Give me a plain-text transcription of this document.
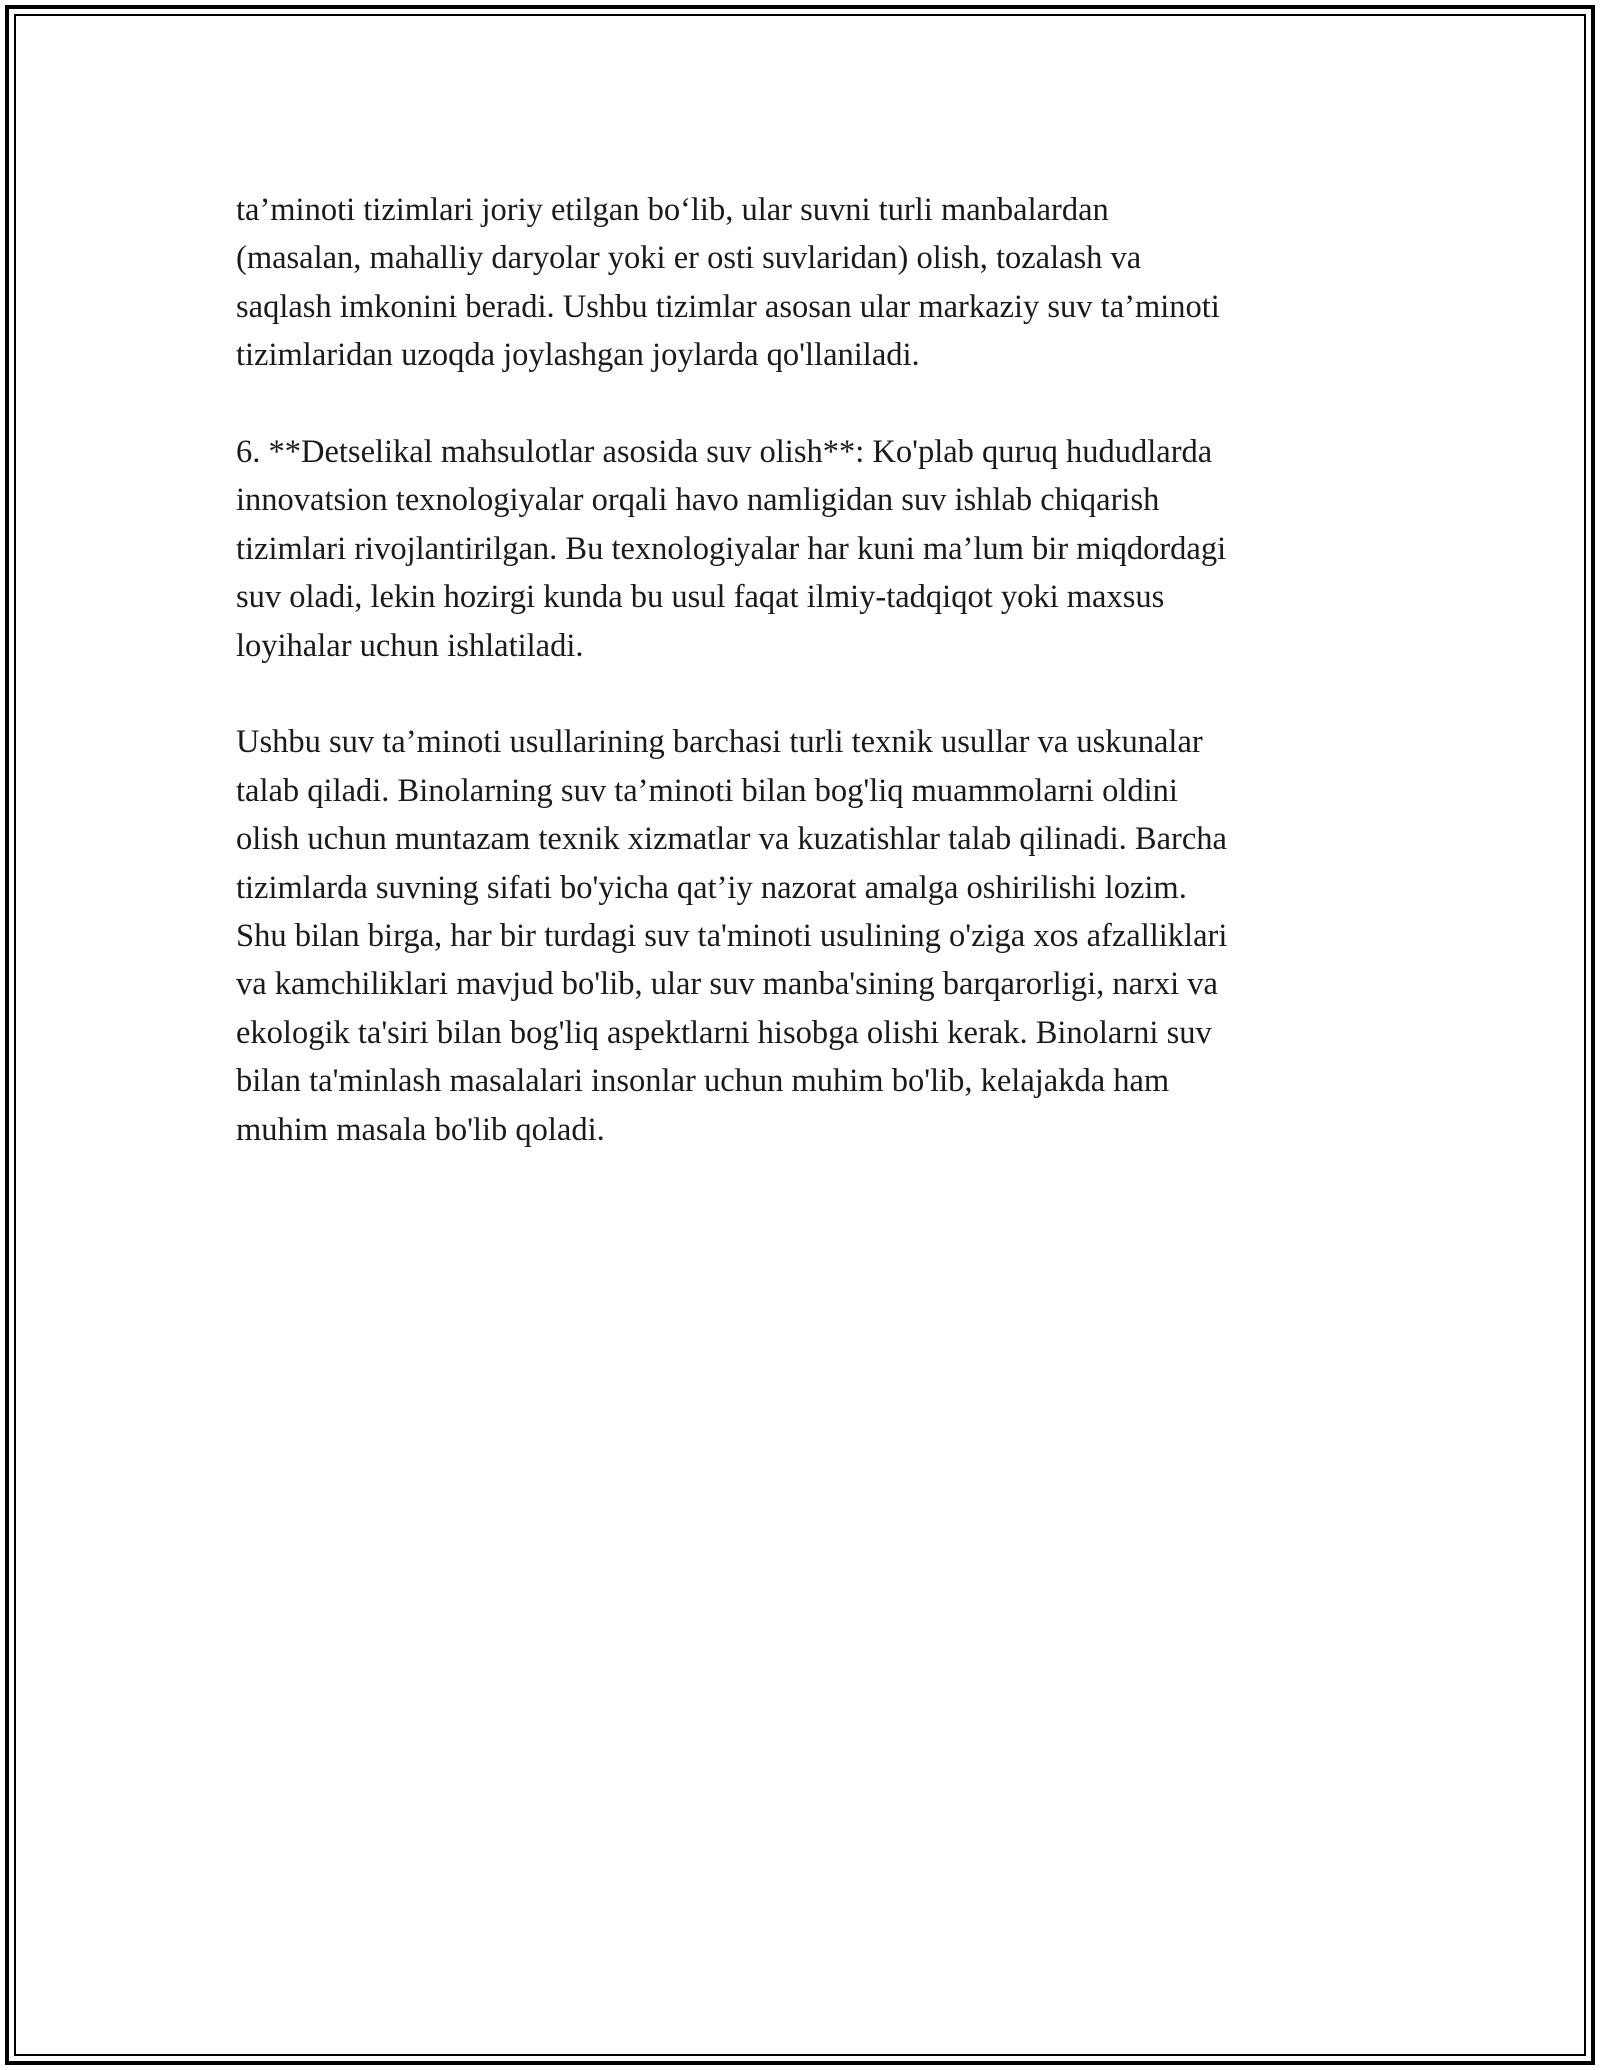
ta’minoti tizimlari joriy etilgan bo‘lib, ular suvni turli manbalardan
(masalan, mahalliy daryolar yoki er osti suvlaridan) olish, tozalash va
saqlash imkonini beradi. Ushbu tizimlar asosan ular markaziy suv ta’minoti
tizimlaridan uzoqda joylashgan joylarda qo'llaniladi.
6. **Detselikal mahsulotlar asosida suv olish**: Ko'plab quruq hududlarda
innovatsion texnologiyalar orqali havo namligidan suv ishlab chiqarish
tizimlari rivojlantirilgan. Bu texnologiyalar har kuni ma’lum bir miqdordagi
suv oladi, lekin hozirgi kunda bu usul faqat ilmiy-tadqiqot yoki maxsus
loyihalar uchun ishlatiladi.
Ushbu suv ta’minoti usullarining barchasi turli texnik usullar va uskunalar
talab qiladi. Binolarning suv ta’minoti bilan bog'liq muammolarni oldini
olish uchun muntazam texnik xizmatlar va kuzatishlar talab qilinadi. Barcha
tizimlarda suvning sifati bo'yicha qat’iy nazorat amalga oshirilishi lozim.
Shu bilan birga, har bir turdagi suv ta'minoti usulining o'ziga xos afzalliklari
va kamchiliklari mavjud bo'lib, ular suv manba'sining barqarorligi, narxi va
ekologik ta'siri bilan bog'liq aspektlarni hisobga olishi kerak. Binolarni suv
bilan ta'minlash masalalari insonlar uchun muhim bo'lib, kelajakda ham
muhim masala bo'lib qoladi.
